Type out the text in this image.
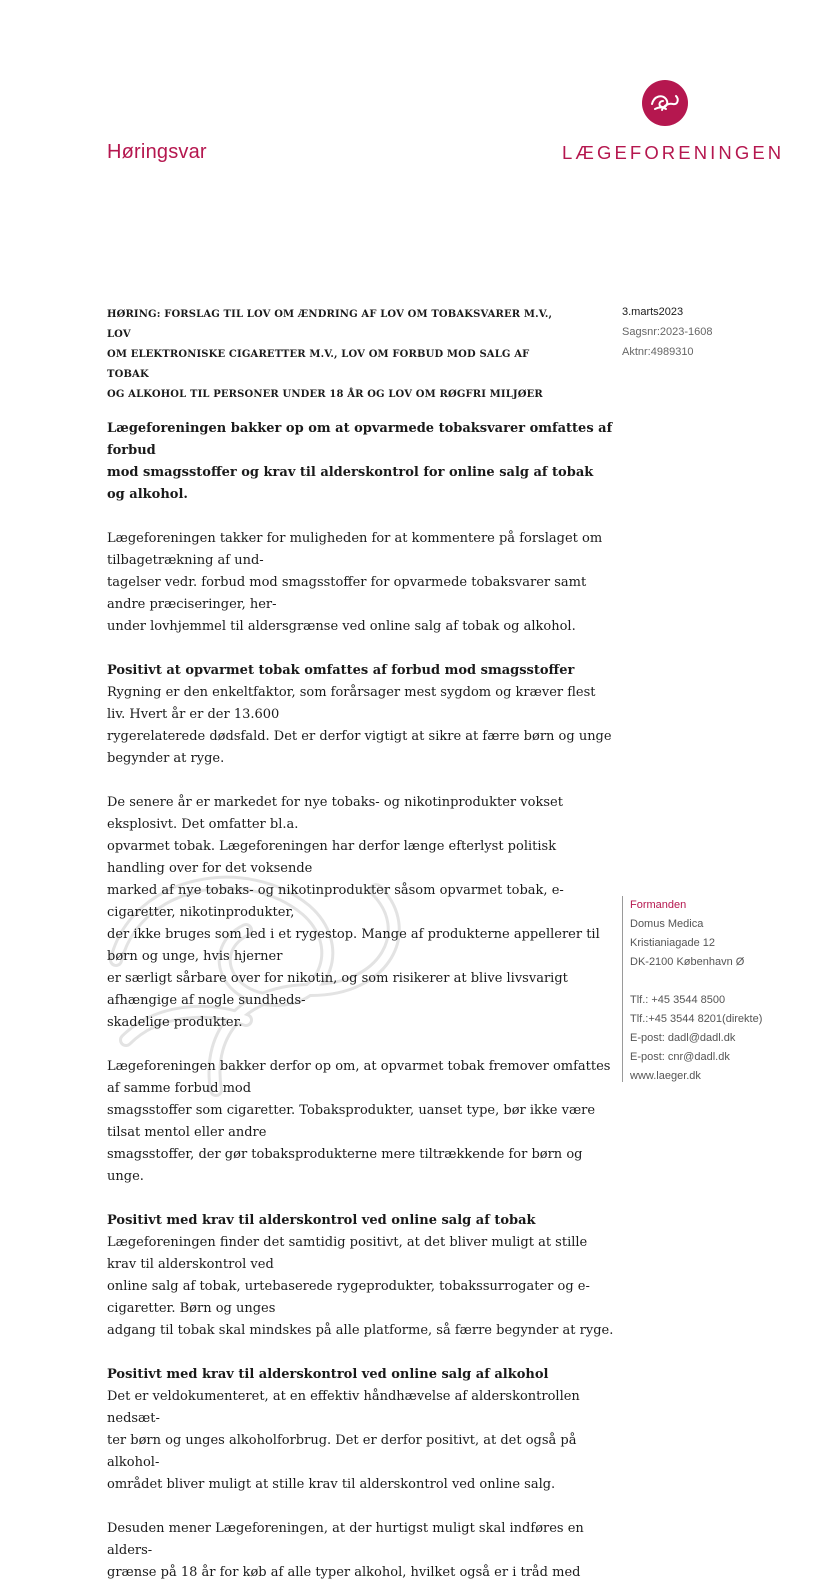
Høringsvar	LÆGEFORENINGEN
HØRING: FORSLAG TIL LOV OM ÆNDRING AF LOV OM TOBAKSVARER M.V., LOV
OM ELEKTRONISKE CIGARETTER M.V., LOV OM FORBUD MOD SALG AF TOBAK
OG ALKOHOL TIL PERSONER UNDER 18 ÅR OG LOV OM RØGFRI MILJØER
3.marts2023
Sagsnr:2023-1608
Aktnr:4989310

Lægeforeningen bakker op om at opvarmede tobaksvarer omfattes af forbud
mod smagsstoffer og krav til alderskontrol for online salg af tobak og alkohol.

Lægeforeningen takker for muligheden for at kommentere på forslaget om tilbagetrækning af und-
tagelser vedr. forbud mod smagsstoffer for opvarmede tobaksvarer samt andre præciseringer, her-
under lovhjemmel til aldersgrænse ved online salg af tobak og alkohol.

Positivt at opvarmet tobak omfattes af forbud mod smagsstoffer

Rygning er den enkeltfaktor, som forårsager mest sygdom og kræver flest liv. Hvert år er der 13.600
rygerelaterede dødsfald. Det er derfor vigtigt at sikre at færre børn og unge begynder at ryge.

De senere år er markedet for nye tobaks- og nikotinprodukter vokset eksplosivt. Det omfatter bl.a.
opvarmet tobak. Lægeforeningen har derfor længe efterlyst politisk handling over for det voksende
marked af nye tobaks- og nikotinprodukter såsom opvarmet tobak, e-cigaretter, nikotinprodukter,
der ikke bruges som led i et rygestop. Mange af produkterne appellerer til børn og unge, hvis hjerner
er særligt sårbare over for nikotin, og som risikerer at blive livsvarigt afhængige af nogle sundheds-
skadelige produkter.

Lægeforeningen bakker derfor op om, at opvarmet tobak fremover omfattes af samme forbud mod
smagsstoffer som cigaretter. Tobaksprodukter, uanset type, bør ikke være tilsat mentol eller andre
smagsstoffer, der gør tobaksprodukterne mere tiltrækkende for børn og unge.

Positivt med krav til alderskontrol ved online salg af tobak

Lægeforeningen finder det samtidig positivt, at det bliver muligt at stille krav til alderskontrol ved
online salg af tobak, urtebaserede rygeprodukter, tobakssurrogater og e-cigaretter. Børn og unges
adgang til tobak skal mindskes på alle platforme, så færre begynder at ryge.

Positivt med krav til alderskontrol ved online salg af alkohol

Det er veldokumenteret, at en effektiv håndhævelse af alderskontrollen nedsæt-
ter børn og unges alkoholforbrug. Det er derfor positivt, at det også på alkohol-
området bliver muligt at stille krav til alderskontrol ved online salg.

Desuden mener Lægeforeningen, at der hurtigst muligt skal indføres en alders-
grænse på 18 år for køb af alle typer alkohol, hvilket også er i tråd med

Formanden
Domus Medica
Kristianiagade 12
DK-2100 København Ø
Tlf.: +45 3544 8500
Tlf.:+45 3544 8201(direkte)
E-post: dadl@dadl.dk
E-post: cnr@dadl.dk
www.laeger.dk
